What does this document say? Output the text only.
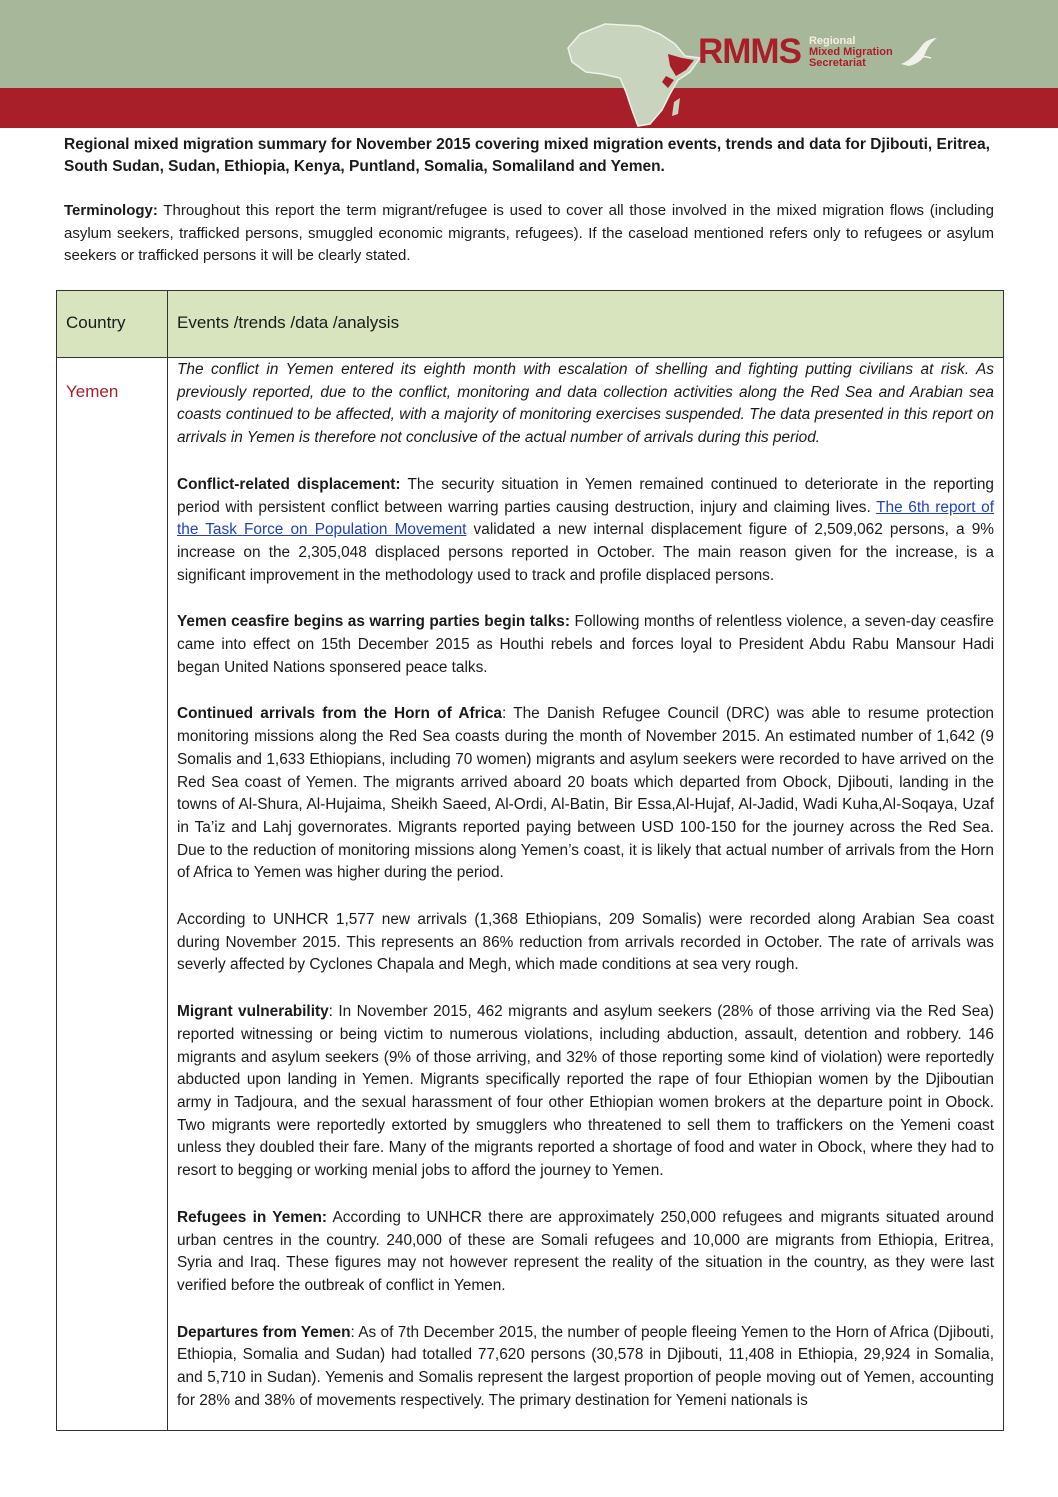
RMMS Regional
Mixed Migration
Secretariat
Regional mixed migration summary for November 2015 covering mixed migration events, trends and data for Djibouti, Eritrea, South Sudan, Sudan, Ethiopia, Kenya, Puntland, Somalia, Somaliland and Yemen.
Terminology: Throughout this report the term migrant/refugee is used to cover all those involved in the mixed migration flows (including asylum seekers, trafficked persons, smuggled economic migrants, refugees). If the caseload mentioned refers only to refugees or asylum seekers or trafficked persons it will be clearly stated.
Country	Events /trends /data /analysis
Yemen

The conflict in Yemen entered its eighth month with escalation of shelling and fighting putting civilians at risk. As previously reported, due to the conflict, monitoring and data collection activities along the Red Sea and Arabian sea coasts continued to be affected, with a majority of monitoring exercises suspended. The data presented in this report on arrivals in Yemen is therefore not conclusive of the actual number of arrivals during this period.

Conflict-related displacement: The security situation in Yemen remained continued to deteriorate in the reporting period with persistent conflict between warring parties causing destruction, injury and claiming lives. The 6th report of the Task Force on Population Movement validated a new internal displacement figure of 2,509,062 persons, a 9% increase on the 2,305,048 displaced persons reported in October. The main reason given for the increase, is a significant improvement in the methodology used to track and profile displaced persons.

Yemen ceasfire begins as warring parties begin talks: Following months of relentless violence, a seven-day ceasfire came into effect on 15th December 2015 as Houthi rebels and forces loyal to President Abdu Rabu Mansour Hadi began United Nations sponsered peace talks.

Continued arrivals from the Horn of Africa: The Danish Refugee Council (DRC) was able to resume protection monitoring missions along the Red Sea coasts during the month of November 2015. An estimated number of 1,642 (9 Somalis and 1,633 Ethiopians, including 70 women) migrants and asylum seekers were recorded to have arrived on the Red Sea coast of Yemen. The migrants arrived aboard 20 boats which departed from Obock, Djibouti, landing in the towns of Al-Shura, Al-Hujaima, Sheikh Saeed, Al-Ordi, Al-Batin, Bir Essa,Al-Hujaf, Al-Jadid, Wadi Kuha,Al-Soqaya, Uzaf in Ta’iz and Lahj governorates. Migrants reported paying between USD 100-150 for the journey across the Red Sea. Due to the reduction of monitoring missions along Yemen’s coast, it is likely that actual number of arrivals from the Horn of Africa to Yemen was higher during the period.

According to UNHCR 1,577 new arrivals (1,368 Ethiopians, 209 Somalis) were recorded along Arabian Sea coast during November 2015. This represents an 86% reduction from arrivals recorded in October. The rate of arrivals was severly affected by Cyclones Chapala and Megh, which made conditions at sea very rough.

Migrant vulnerability: In November 2015, 462 migrants and asylum seekers (28% of those arriving via the Red Sea) reported witnessing or being victim to numerous violations, including abduction, assault, detention and robbery. 146 migrants and asylum seekers (9% of those arriving, and 32% of those reporting some kind of violation) were reportedly abducted upon landing in Yemen. Migrants specifically reported the rape of four Ethiopian women by the Djiboutian army in Tadjoura, and the sexual harassment of four other Ethiopian women brokers at the departure point in Obock. Two migrants were reportedly extorted by smugglers who threatened to sell them to traffickers on the Yemeni coast unless they doubled their fare. Many of the migrants reported a shortage of food and water in Obock, where they had to resort to begging or working menial jobs to afford the journey to Yemen.

Refugees in Yemen: According to UNHCR there are approximately 250,000 refugees and migrants situated around urban centres in the country. 240,000 of these are Somali refugees and 10,000 are migrants from Ethiopia, Eritrea, Syria and Iraq. These figures may not however represent the reality of the situation in the country, as they were last verified before the outbreak of conflict in Yemen.

Departures from Yemen: As of 7th December 2015, the number of people fleeing Yemen to the Horn of Africa (Djibouti, Ethiopia, Somalia and Sudan) had totalled 77,620 persons (30,578 in Djibouti, 11,408 in Ethiopia, 29,924 in Somalia, and 5,710 in Sudan). Yemenis and Somalis represent the largest proportion of people moving out of Yemen, accounting for 28% and 38% of movements respectively. The primary destination for Yemeni nationals is
